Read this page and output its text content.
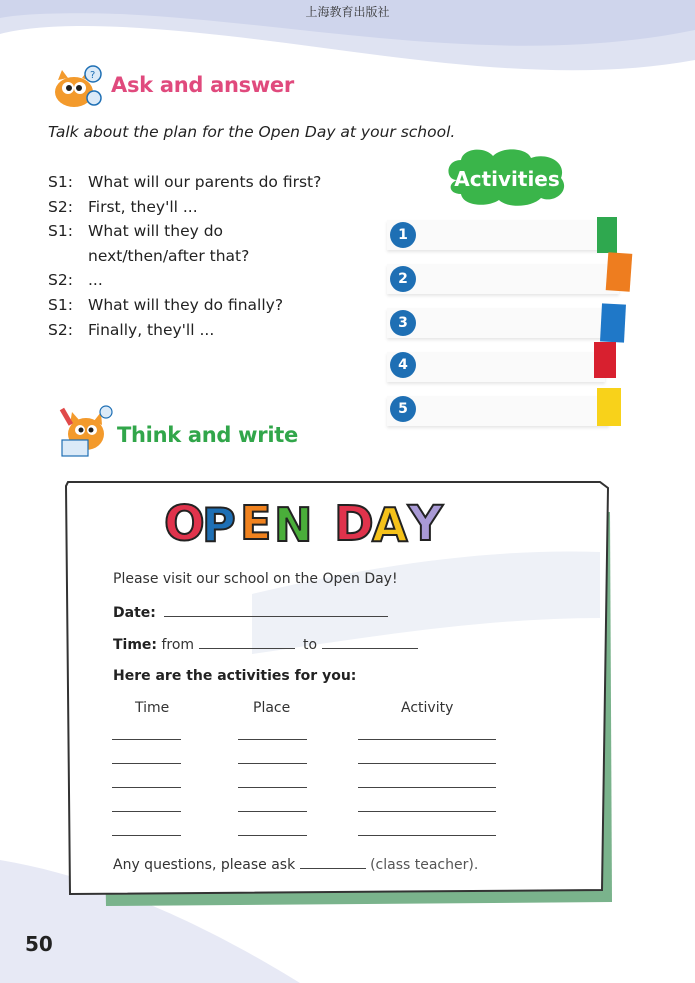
上海教育出版社
? Ask and answer
Talk about the plan for the Open Day at your school.
S1: What will our parents do first?
S2: First, they'll ...
S1: What will they do
next/then/after that?
S2: ...
S1: What will they do finally?
S2: Finally, they'll ...
Activities
1
2
3
4
5
Think and write
O
P E N D
A Y
Please visit our school on the Open Day!
Date:
Time: from	to
Here are the activities for you:
Time	Place	Activity
Any questions, please ask	(class teacher).
50
